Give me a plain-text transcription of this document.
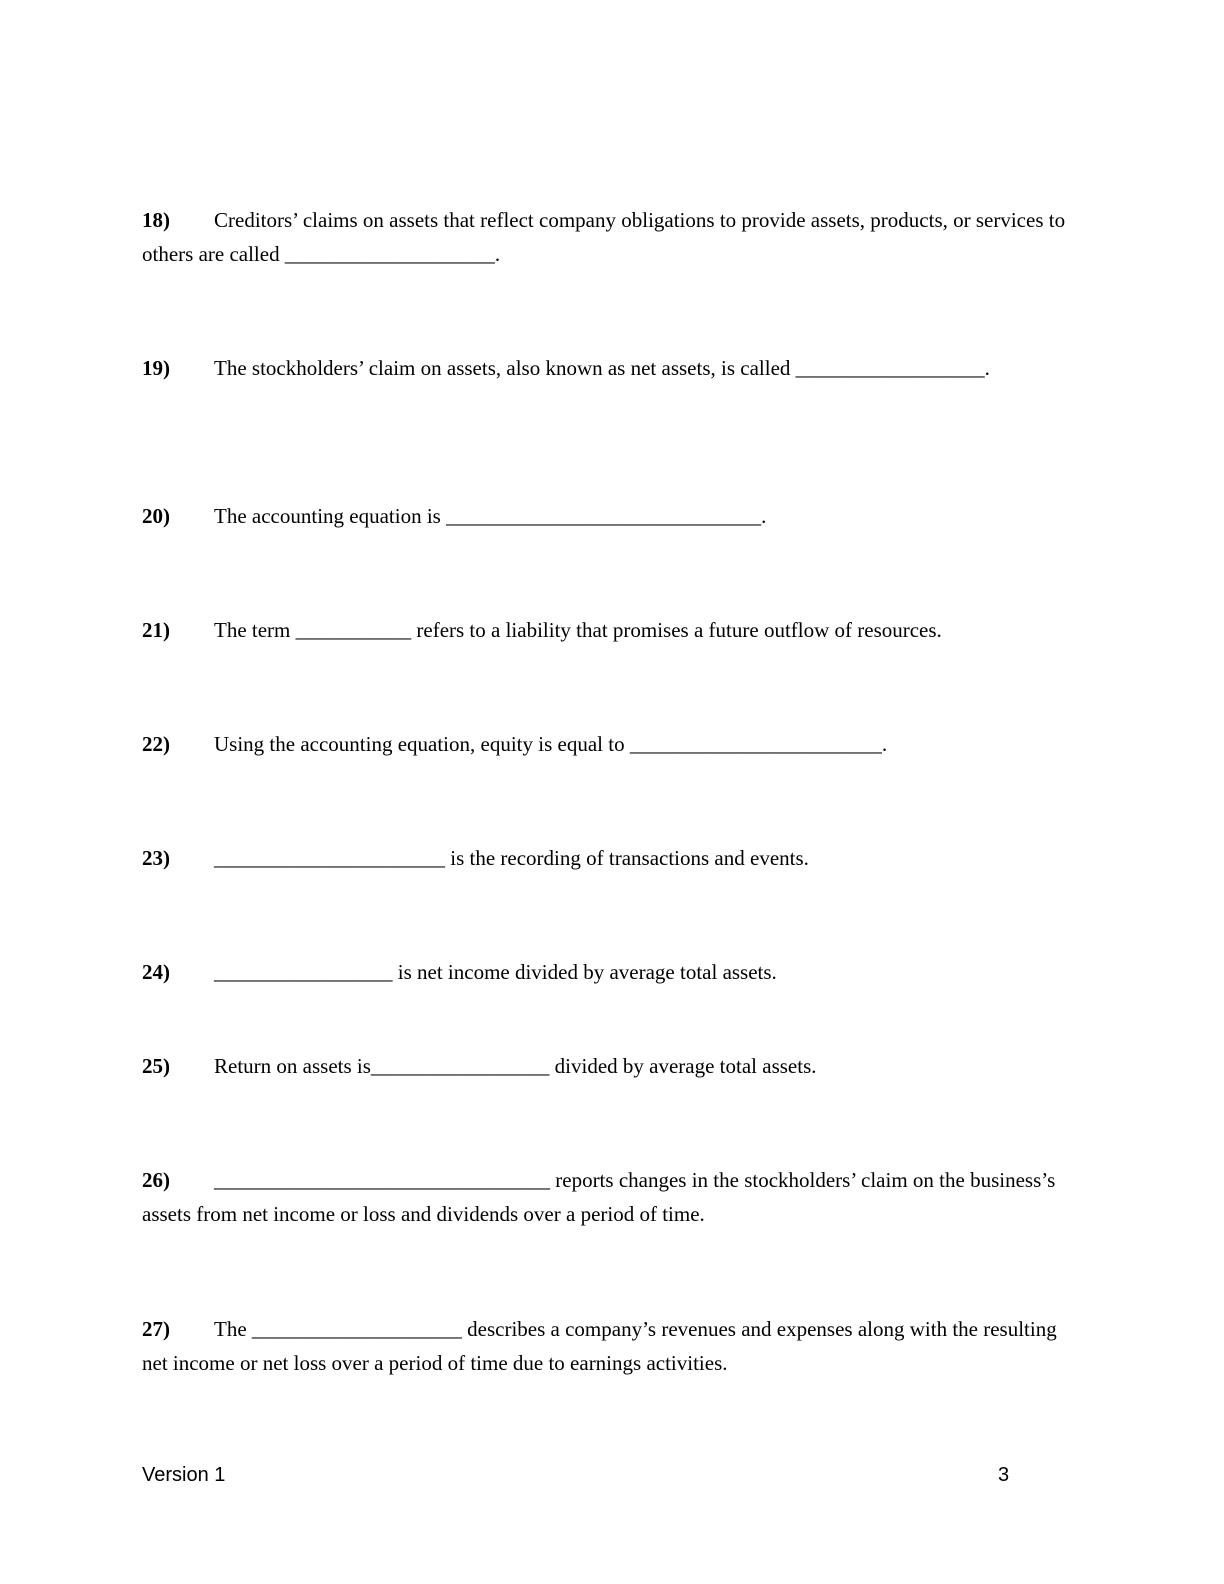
18) Creditors’ claims on assets that reflect company obligations to provide assets, products, or services to others are called ____________________.

19) The stockholders’ claim on assets, also known as net assets, is called __________________.

20) The accounting equation is ______________________________.

21) The term ___________ refers to a liability that promises a future outflow of resources.

22) Using the accounting equation, equity is equal to ________________________.

23) ______________________ is the recording of transactions and events.

24) _________________ is net income divided by average total assets.

25) Return on assets is_________________ divided by average total assets.

26) ________________________________ reports changes in the stockholders’ claim on the business’s assets from net income or loss and dividends over a period of time.

27) The ____________________ describes a company’s revenues and expenses along with the resulting net income or net loss over a period of time due to earnings activities.

Version 1	3
